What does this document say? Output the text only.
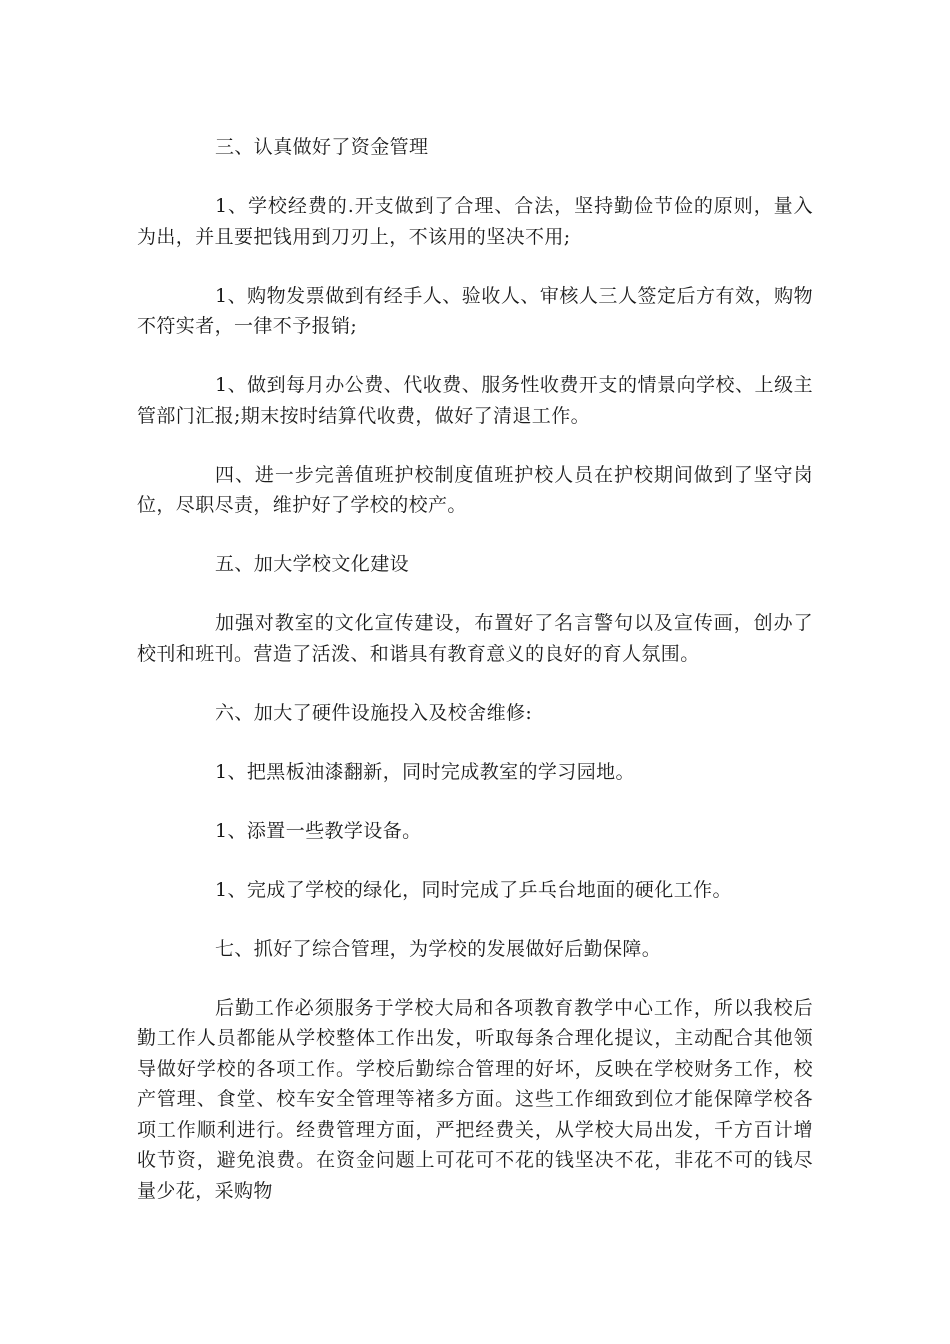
三、认真做好了资金管理

1、学校经费的.开支做到了合理、合法，坚持勤俭节俭的原则，量入为出，并且要把钱用到刀刃上，不该用的坚决不用;

1、购物发票做到有经手人、验收人、审核人三人签定后方有效，购物不符实者，一律不予报销;

1、做到每月办公费、代收费、服务性收费开支的情景向学校、上级主管部门汇报;期末按时结算代收费，做好了清退工作。

四、进一步完善值班护校制度值班护校人员在护校期间做到了坚守岗位，尽职尽责，维护好了学校的校产。

五、加大学校文化建设

加强对教室的文化宣传建设，布置好了名言警句以及宣传画，创办了校刊和班刊。营造了活泼、和谐具有教育意义的良好的育人氛围。

六、加大了硬件设施投入及校舍维修:

1、把黑板油漆翻新，同时完成教室的学习园地。

1、添置一些教学设备。

1、完成了学校的绿化，同时完成了乒乓台地面的硬化工作。

七、抓好了综合管理，为学校的发展做好后勤保障。

后勤工作必须服务于学校大局和各项教育教学中心工作，所以我校后勤工作人员都能从学校整体工作出发，听取每条合理化提议，主动配合其他领导做好学校的各项工作。学校后勤综合管理的好坏，反映在学校财务工作，校产管理、食堂、校车安全管理等褚多方面。这些工作细致到位才能保障学校各项工作顺利进行。经费管理方面，严把经费关，从学校大局出发，千方百计增收节资，避免浪费。在资金问题上可花可不花的钱坚决不花，非花不可的钱尽量少花，采购物
